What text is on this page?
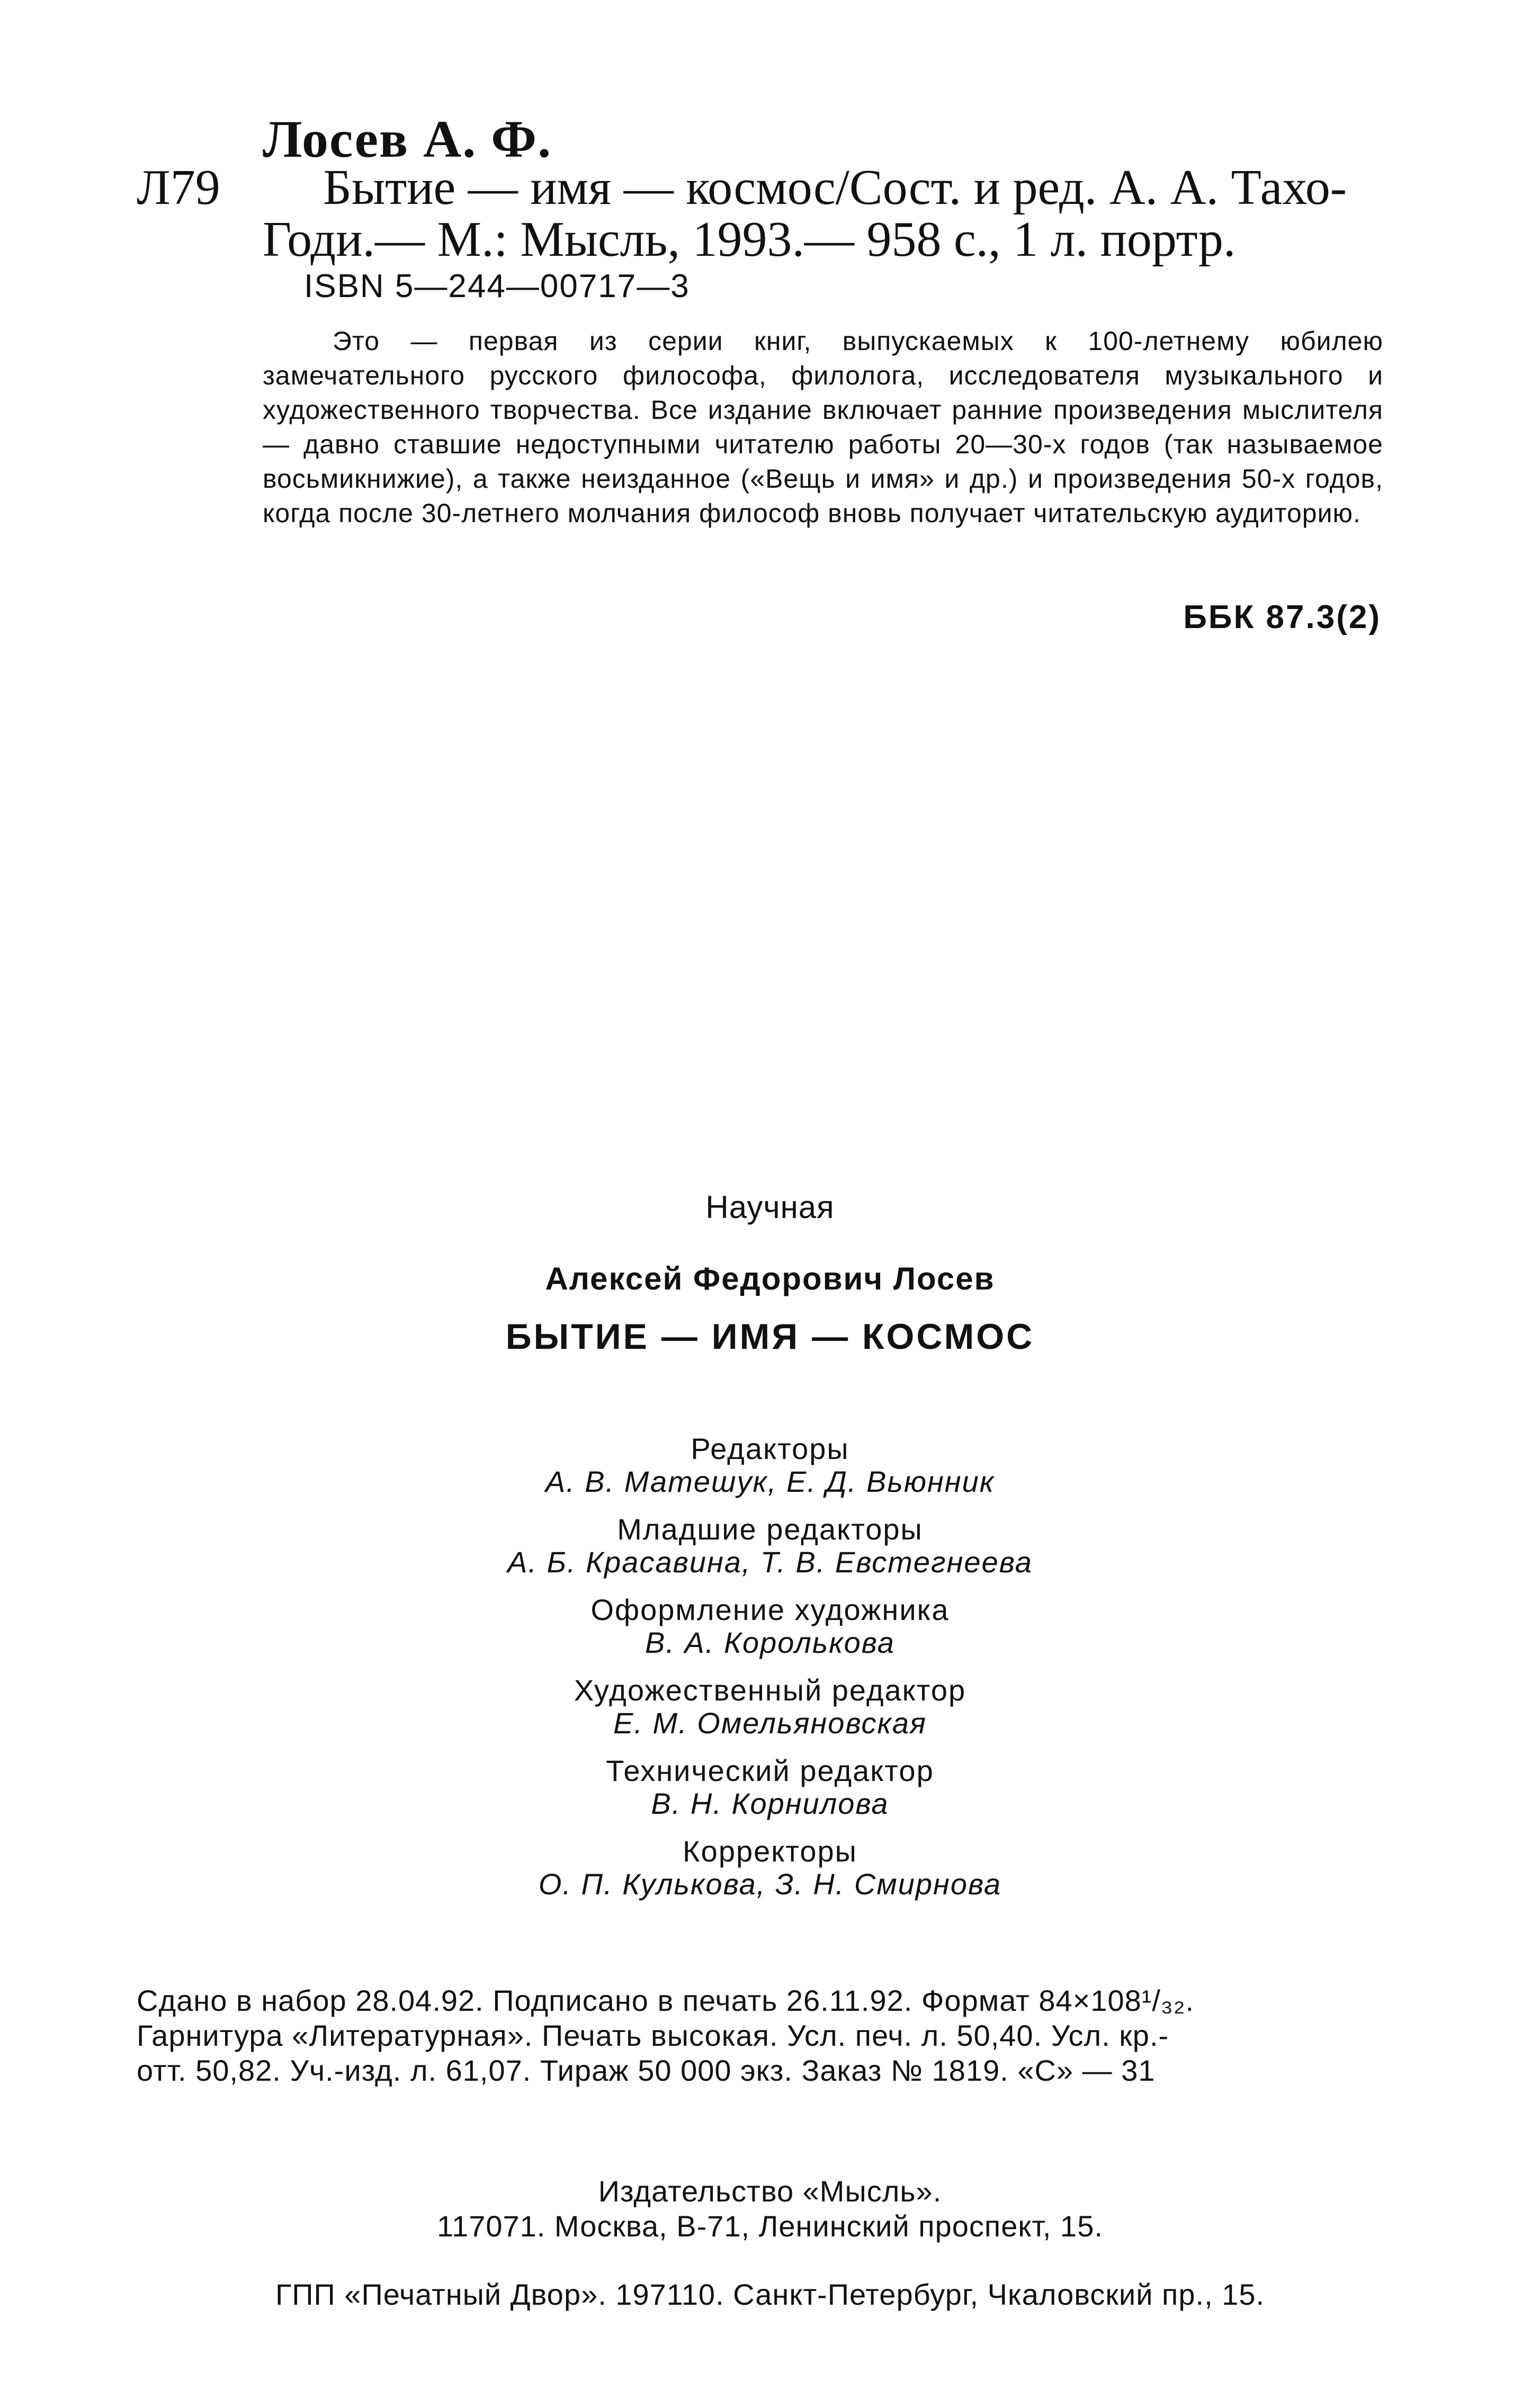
Лосев А. Ф.
Л79 Бытие — имя — космос/Сост. и ред. А. А. Тахо-
Годи.— М.: Мысль, 1993.— 958 с., 1 л. портр.
ISBN 5—244—00717—3
Это — первая из серии книг, выпускаемых к 100-летнему юбилею замечательного русского философа, филолога, исследователя музыкального и художественного творчества. Все издание включает ранние произведения мыслителя — давно ставшие недоступными читателю работы 20—30-х годов (так называемое восьмикнижие), а также неизданное («Вещь и имя» и др.) и произведения 50-х годов, когда после 30-летнего молчания философ вновь получает читательскую аудиторию.
ББК 87.3(2)
Научная
Алексей Федорович Лосев
БЫТИЕ — ИМЯ — КОСМОС
Редакторы
А. В. Матешук, Е. Д. Вьюнник
Младшие редакторы
А. Б. Красавина, Т. В. Евстегнеева
Оформление художника
В. А. Королькова
Художественный редактор
Е. М. Омельяновская
Технический редактор
В. Н. Корнилова
Корректоры
О. П. Кулькова, З. Н. Смирнова
Сдано в набор 28.04.92. Подписано в печать 26.11.92. Формат 84×108¹/₃₂.
Гарнитура «Литературная». Печать высокая. Усл. печ. л. 50,40. Усл. кр.-
отт. 50,82. Уч.-изд. л. 61,07. Тираж 50 000 экз. Заказ № 1819. «С» — 31
Издательство «Мысль».
117071. Москва, В-71, Ленинский проспект, 15.
ГПП «Печатный Двор». 197110. Санкт-Петербург, Чкаловский пр., 15.
